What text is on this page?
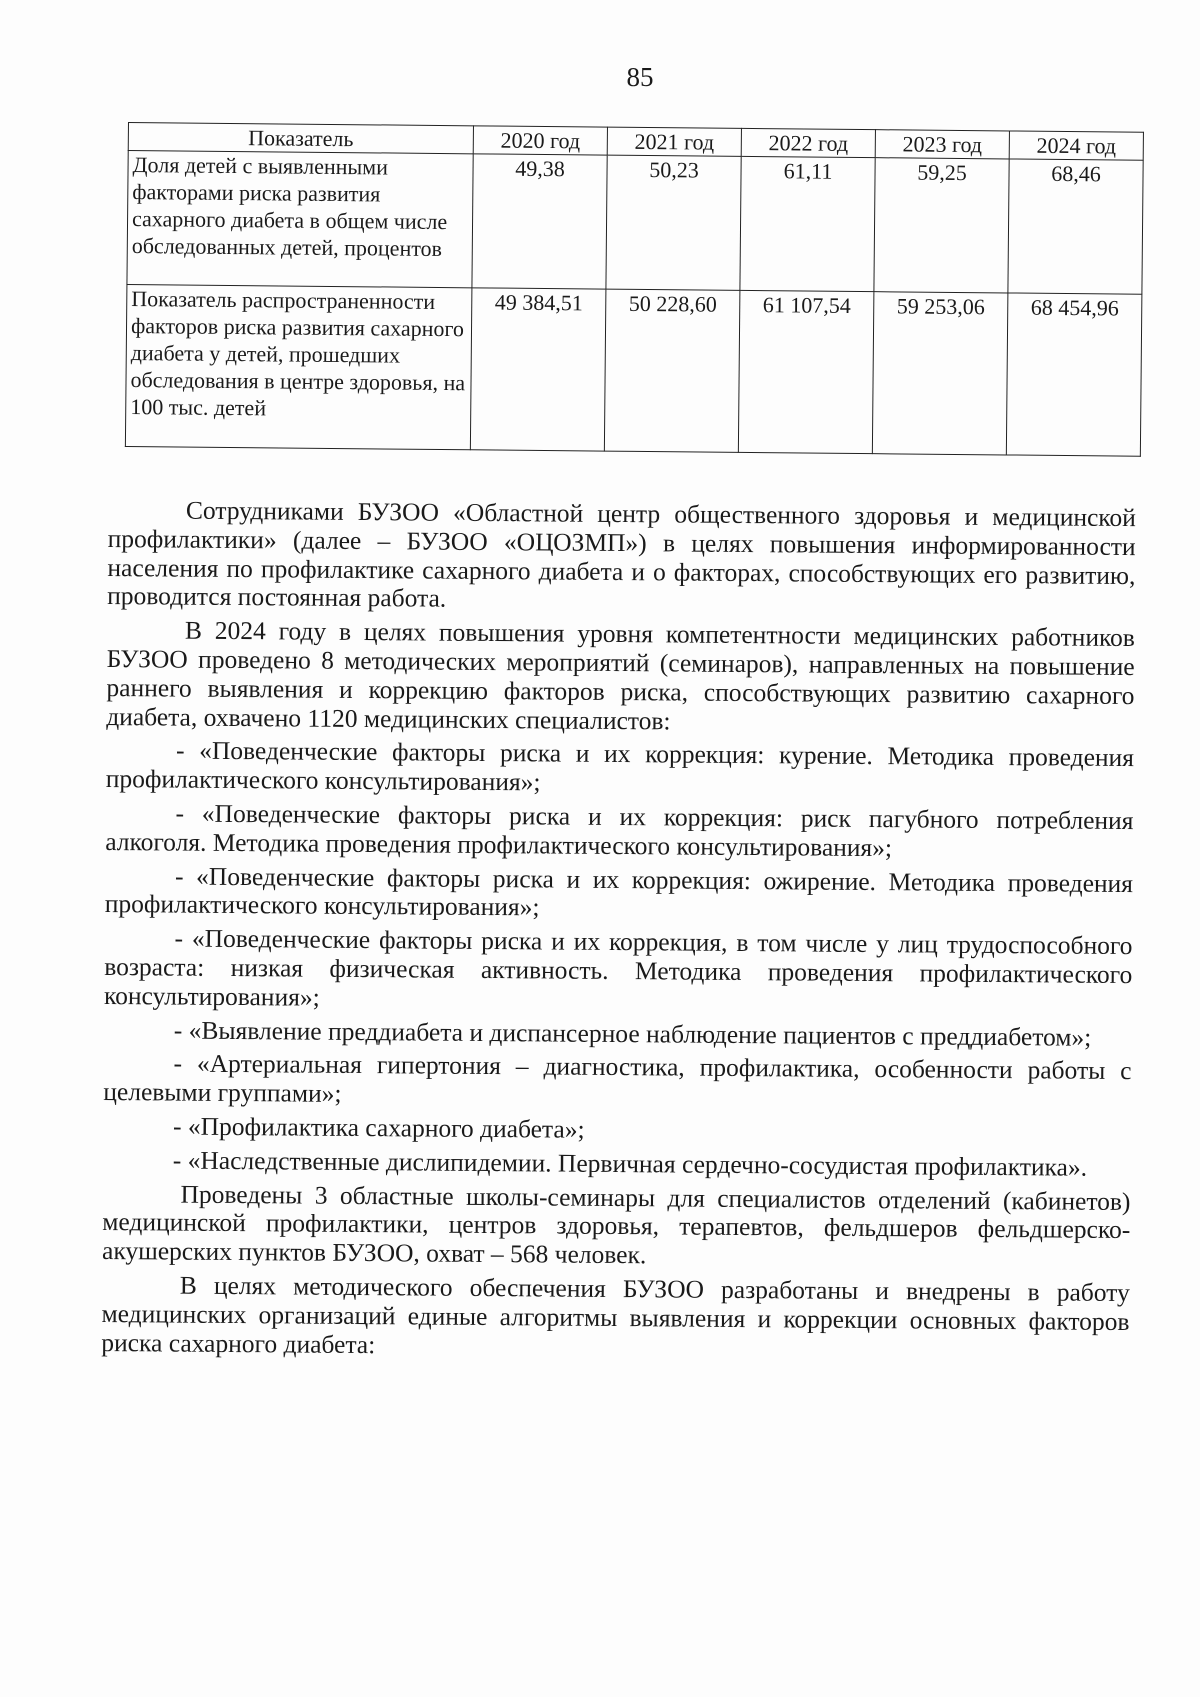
85
Показатель	2020 год	2021 год	2022 год	2023 год	2024 год
Доля детей с выявленными факторами риска развития сахарного диабета в общем числе обследованных детей, процентов	49,38	50,23	61,11	59,25	68,46
Показатель распространенности факторов риска развития сахарного диабета у детей, прошедших обследования в центре здоровья, на 100 тыс. детей	49 384,51	50 228,60	61 107,54	59 253,06	68 454,96

Сотрудниками БУЗОО «Областной центр общественного здоровья и медицинской профилактики» (далее – БУЗОО «ОЦОЗМП») в целях повышения информированности населения по профилактике сахарного диабета и о факторах, способствующих его развитию, проводится постоянная работа.

В 2024 году в целях повышения уровня компетентности медицинских работников БУЗОО проведено 8 методических мероприятий (семинаров), направленных на повышение раннего выявления и коррекцию факторов риска, способствующих развитию сахарного диабета, охвачено 1120 медицинских специалистов:

- «Поведенческие факторы риска и их коррекция: курение. Методика проведения профилактического консультирования»;

- «Поведенческие факторы риска и их коррекция: риск пагубного потребления алкоголя. Методика проведения профилактического консультирования»;

- «Поведенческие факторы риска и их коррекция: ожирение. Методика проведения профилактического консультирования»;

- «Поведенческие факторы риска и их коррекция, в том числе у лиц трудоспособного возраста: низкая физическая активность. Методика проведения профилактического консультирования»;

- «Выявление преддиабета и диспансерное наблюдение пациентов с преддиабетом»;

- «Артериальная гипертония – диагностика, профилактика, особенности работы с целевыми группами»;

- «Профилактика сахарного диабета»;

- «Наследственные дислипидемии. Первичная сердечно-сосудистая профилактика».

Проведены 3 областные школы-семинары для специалистов отделений (кабинетов) медицинской профилактики, центров здоровья, терапевтов, фельдшеров фельдшерско-акушерских пунктов БУЗОО, охват – 568 человек.

В целях методического обеспечения БУЗОО разработаны и внедрены в работу медицинских организаций единые алгоритмы выявления и коррекции основных факторов риска сахарного диабета:
